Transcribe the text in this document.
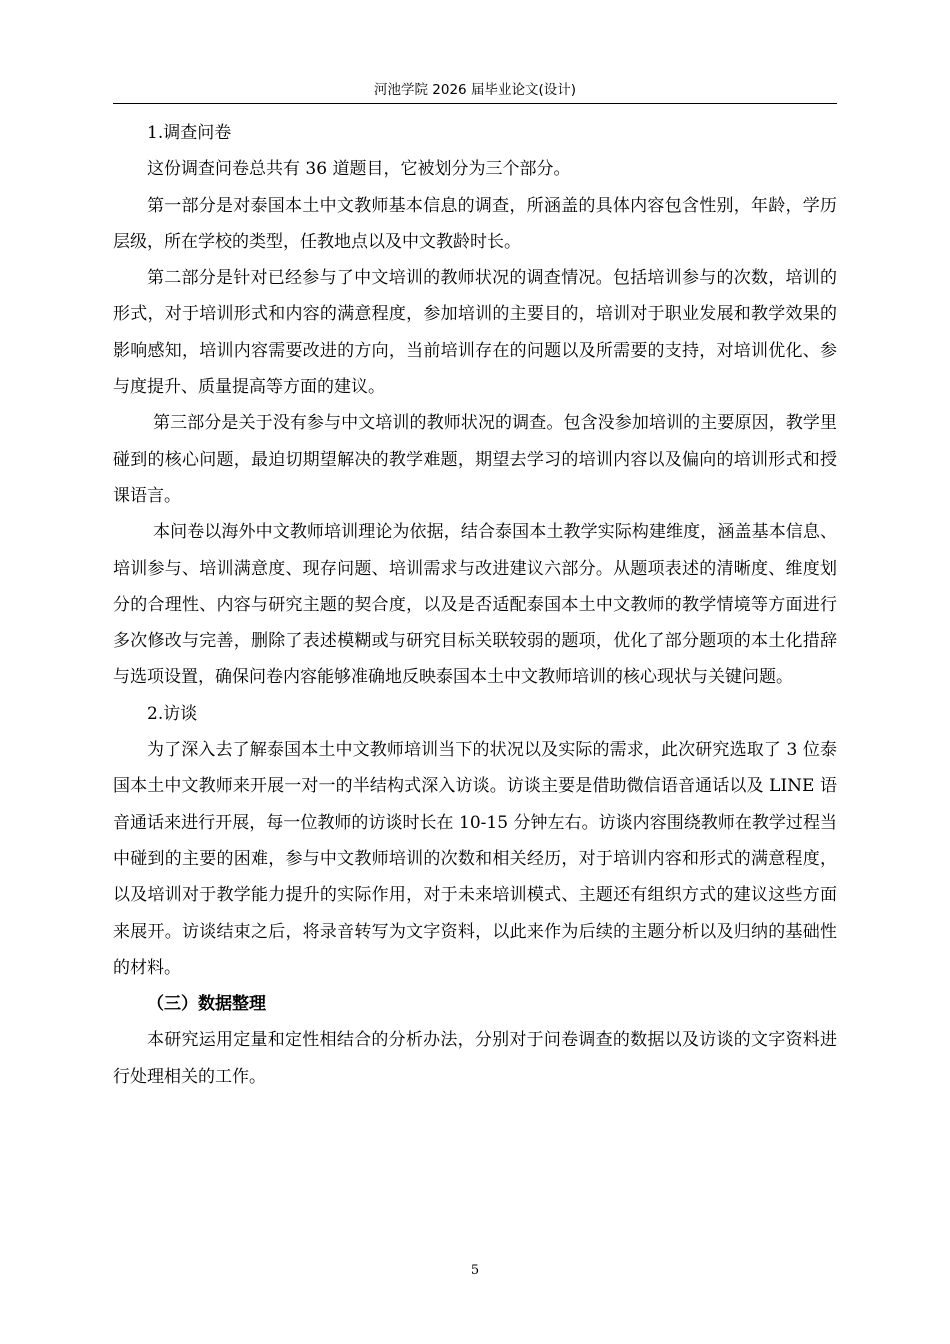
河池学院 2026 届毕业论文(设计)

1.调查问卷

这份调查问卷总共有 36 道题目，它被划分为三个部分。

第一部分是对泰国本土中文教师基本信息的调查，所涵盖的具体内容包含性别，年龄，学历层级，所在学校的类型，任教地点以及中文教龄时长。

第二部分是针对已经参与了中文培训的教师状况的调查情况。包括培训参与的次数，培训的形式，对于培训形式和内容的满意程度，参加培训的主要目的，培训对于职业发展和教学效果的影响感知，培训内容需要改进的方向，当前培训存在的问题以及所需要的支持，对培训优化、参与度提升、质量提高等方面的建议。

第三部分是关于没有参与中文培训的教师状况的调查。包含没参加培训的主要原因，教学里碰到的核心问题，最迫切期望解决的教学难题，期望去学习的培训内容以及偏向的培训形式和授课语言。

本问卷以海外中文教师培训理论为依据，结合泰国本土教学实际构建维度，涵盖基本信息、培训参与、培训满意度、现存问题、培训需求与改进建议六部分。从题项表述的清晰度、维度划分的合理性、内容与研究主题的契合度，以及是否适配泰国本土中文教师的教学情境等方面进行多次修改与完善，删除了表述模糊或与研究目标关联较弱的题项，优化了部分题项的本土化措辞与选项设置，确保问卷内容能够准确地反映泰国本土中文教师培训的核心现状与关键问题。

2.访谈

为了深入去了解泰国本土中文教师培训当下的状况以及实际的需求，此次研究选取了 3 位泰国本土中文教师来开展一对一的半结构式深入访谈。访谈主要是借助微信语音通话以及 LINE 语音通话来进行开展，每一位教师的访谈时长在 10-15 分钟左右。访谈内容围绕教师在教学过程当中碰到的主要的困难，参与中文教师培训的次数和相关经历，对于培训内容和形式的满意程度，以及培训对于教学能力提升的实际作用，对于未来培训模式、主题还有组织方式的建议这些方面来展开。访谈结束之后，将录音转写为文字资料，以此来作为后续的主题分析以及归纳的基础性的材料。

（三）数据整理

本研究运用定量和定性相结合的分析办法，分别对于问卷调查的数据以及访谈的文字资料进行处理相关的工作。

5
